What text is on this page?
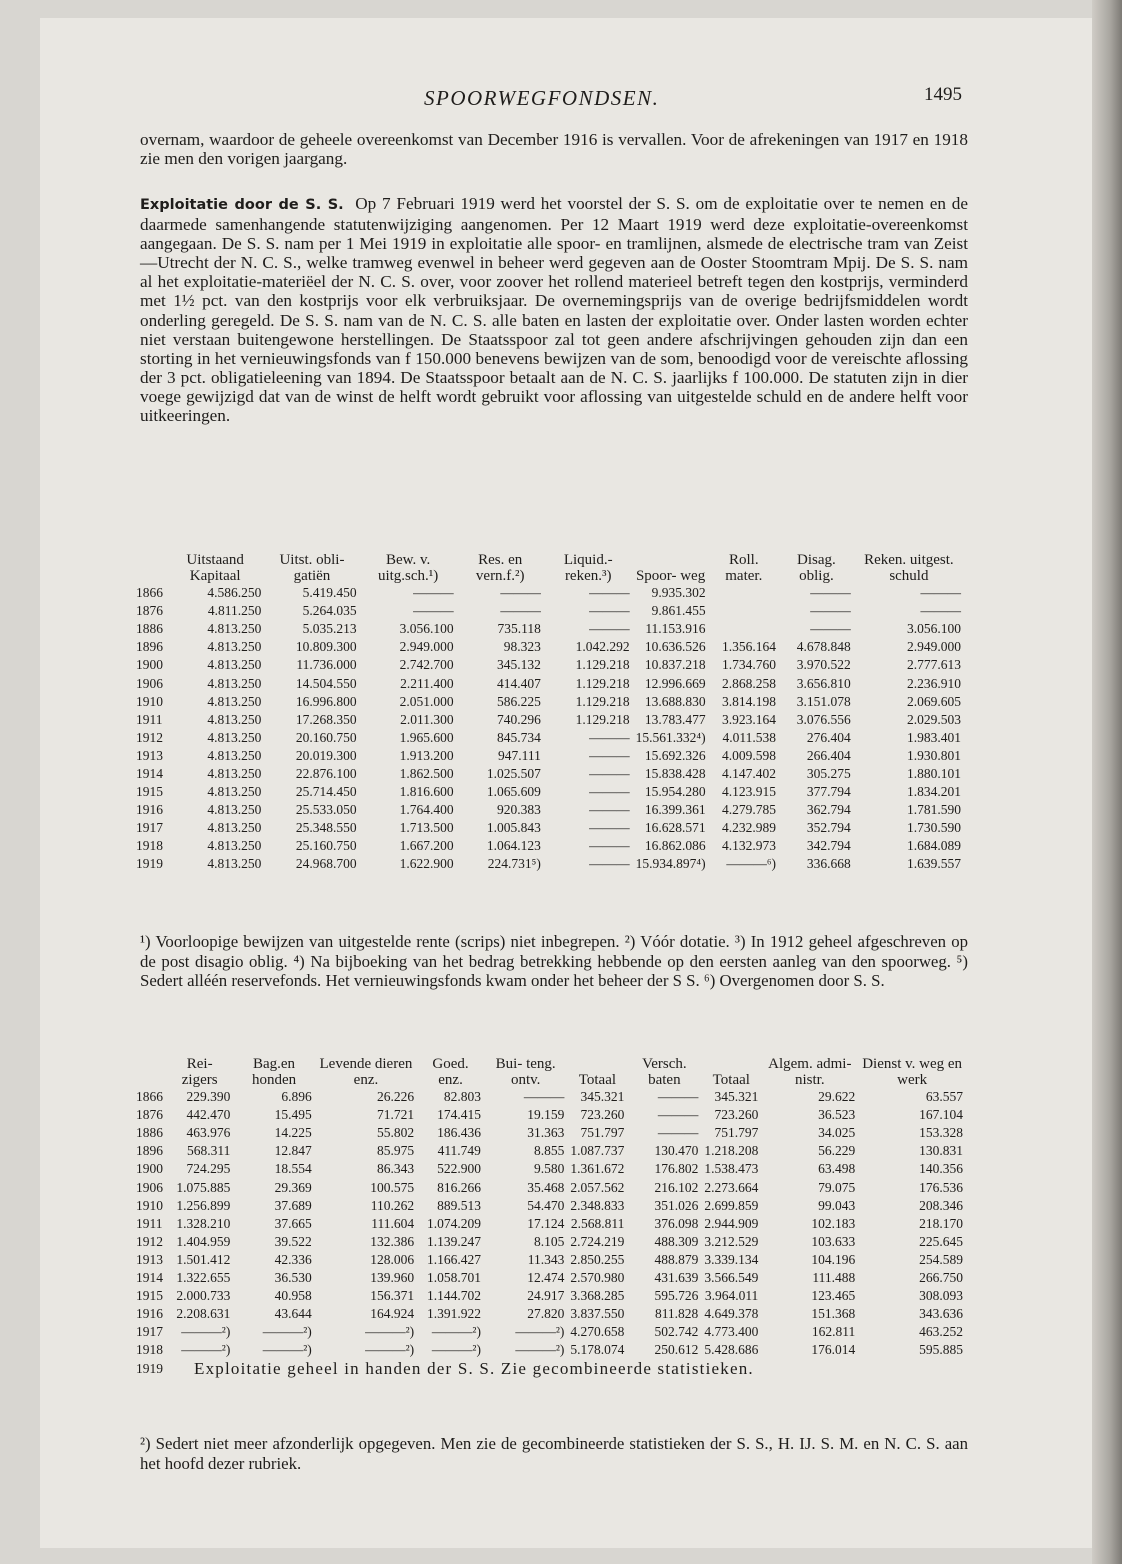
SPOORWEGFONDSEN.	1495

overnam, waardoor de geheele overeenkomst van December 1916 is vervallen. Voor de afrekeningen van 1917 en 1918 zie men den vorigen jaargang.

Exploitatie door de S. S. Op 7 Februari 1919 werd het voorstel der S. S. om de exploitatie over te nemen en de daarmede samenhangende statutenwijziging aangenomen. Per 12 Maart 1919 werd deze exploitatie-overeenkomst aangegaan. De S. S. nam per 1 Mei 1919 in exploitatie alle spoor- en tramlijnen, alsmede de electrische tram van Zeist—Utrecht der N. C. S., welke tramweg evenwel in beheer werd gegeven aan de Ooster Stoomtram Mpij. De S. S. nam al het exploitatie-materiëel der N. C. S. over, voor zoover het rollend materieel betreft tegen den kostprijs, verminderd met 1½ pct. van den kostprijs voor elk verbruiksjaar. De overnemingsprijs van de overige bedrijfsmiddelen wordt onderling geregeld. De S. S. nam van de N. C. S. alle baten en lasten der exploitatie over. Onder lasten worden echter niet verstaan buitengewone herstellingen. De Staatsspoor zal tot geen andere afschrijvingen gehouden zijn dan een storting in het vernieuwingsfonds van f 150.000 benevens bewijzen van de som, benoodigd voor de vereischte aflossing der 3 pct. obligatieleening van 1894. De Staatsspoor betaalt aan de N. C. S. jaarlijks f 100.000. De statuten zijn in dier voege gewijzigd dat van de winst de helft wordt gebruikt voor aflossing van uitgestelde schuld en de andere helft voor uitkeeringen.

	Uitstaand Kapitaal	Uitst. obli- gatiën	Bew. v. uitg.sch.¹)	Res. en vern.f.²)	Liquid.- reken.³)	Spoor- weg	Roll. mater.	Disag. oblig.	Reken. uitgest. schuld
1866	4.586.250	5.419.450	———	———	———	9.935.302		———	———
1876	4.811.250	5.264.035	———	———	———	9.861.455		———	———
1886	4.813.250	5.035.213	3.056.100	735.118	———	11.153.916		———	3.056.100
1896	4.813.250	10.809.300	2.949.000	98.323	1.042.292	10.636.526	1.356.164	4.678.848	2.949.000
1900	4.813.250	11.736.000	2.742.700	345.132	1.129.218	10.837.218	1.734.760	3.970.522	2.777.613
1906	4.813.250	14.504.550	2.211.400	414.407	1.129.218	12.996.669	2.868.258	3.656.810	2.236.910
1910	4.813.250	16.996.800	2.051.000	586.225	1.129.218	13.688.830	3.814.198	3.151.078	2.069.605
1911	4.813.250	17.268.350	2.011.300	740.296	1.129.218	13.783.477	3.923.164	3.076.556	2.029.503
1912	4.813.250	20.160.750	1.965.600	845.734	———	15.561.332⁴)	4.011.538	276.404	1.983.401
1913	4.813.250	20.019.300	1.913.200	947.111	———	15.692.326	4.009.598	266.404	1.930.801
1914	4.813.250	22.876.100	1.862.500	1.025.507	———	15.838.428	4.147.402	305.275	1.880.101
1915	4.813.250	25.714.450	1.816.600	1.065.609	———	15.954.280	4.123.915	377.794	1.834.201
1916	4.813.250	25.533.050	1.764.400	920.383	———	16.399.361	4.279.785	362.794	1.781.590
1917	4.813.250	25.348.550	1.713.500	1.005.843	———	16.628.571	4.232.989	352.794	1.730.590
1918	4.813.250	25.160.750	1.667.200	1.064.123	———	16.862.086	4.132.973	342.794	1.684.089
1919	4.813.250	24.968.700	1.622.900	224.731⁵)	———	15.934.897⁴)	———⁶)	336.668	1.639.557

¹) Voorloopige bewijzen van uitgestelde rente (scrips) niet inbegrepen. ²) Vóór dotatie. ³) In 1912 geheel afgeschreven op de post disagio oblig. ⁴) Na bijboeking van het bedrag betrekking hebbende op den eersten aanleg van den spoorweg. ⁵) Sedert alléén reservefonds. Het vernieuwingsfonds kwam onder het beheer der S S. ⁶) Overgenomen door S. S.

	Rei- zigers	Bag.en honden	Levende dieren enz.	Goed. enz.	Bui- teng. ontv.	Totaal	Versch. baten	Totaal	Algem. admi- nistr.	Dienst v. weg en werk
1866	229.390	6.896	26.226	82.803	———	345.321	———	345.321	29.622	63.557
1876	442.470	15.495	71.721	174.415	19.159	723.260	———	723.260	36.523	167.104
1886	463.976	14.225	55.802	186.436	31.363	751.797	———	751.797	34.025	153.328
1896	568.311	12.847	85.975	411.749	8.855	1.087.737	130.470	1.218.208	56.229	130.831
1900	724.295	18.554	86.343	522.900	9.580	1.361.672	176.802	1.538.473	63.498	140.356
1906	1.075.885	29.369	100.575	816.266	35.468	2.057.562	216.102	2.273.664	79.075	176.536
1910	1.256.899	37.689	110.262	889.513	54.470	2.348.833	351.026	2.699.859	99.043	208.346
1911	1.328.210	37.665	111.604	1.074.209	17.124	2.568.811	376.098	2.944.909	102.183	218.170
1912	1.404.959	39.522	132.386	1.139.247	8.105	2.724.219	488.309	3.212.529	103.633	225.645
1913	1.501.412	42.336	128.006	1.166.427	11.343	2.850.255	488.879	3.339.134	104.196	254.589
1914	1.322.655	36.530	139.960	1.058.701	12.474	2.570.980	431.639	3.566.549	111.488	266.750
1915	2.000.733	40.958	156.371	1.144.702	24.917	3.368.285	595.726	3.964.011	123.465	308.093
1916	2.208.631	43.644	164.924	1.391.922	27.820	3.837.550	811.828	4.649.378	151.368	343.636
1917	———²)	———²)	———²)	———²)	———²)	4.270.658	502.742	4.773.400	162.811	463.252
1918	———²)	———²)	———²)	———²)	———²)	5.178.074	250.612	5.428.686	176.014	595.885
1919	Exploitatie geheel in handen der S. S. Zie gecombineerde statistieken.									

²) Sedert niet meer afzonderlijk opgegeven. Men zie de gecombineerde statistieken der S. S., H. IJ. S. M. en N. C. S. aan het hoofd dezer rubriek.
